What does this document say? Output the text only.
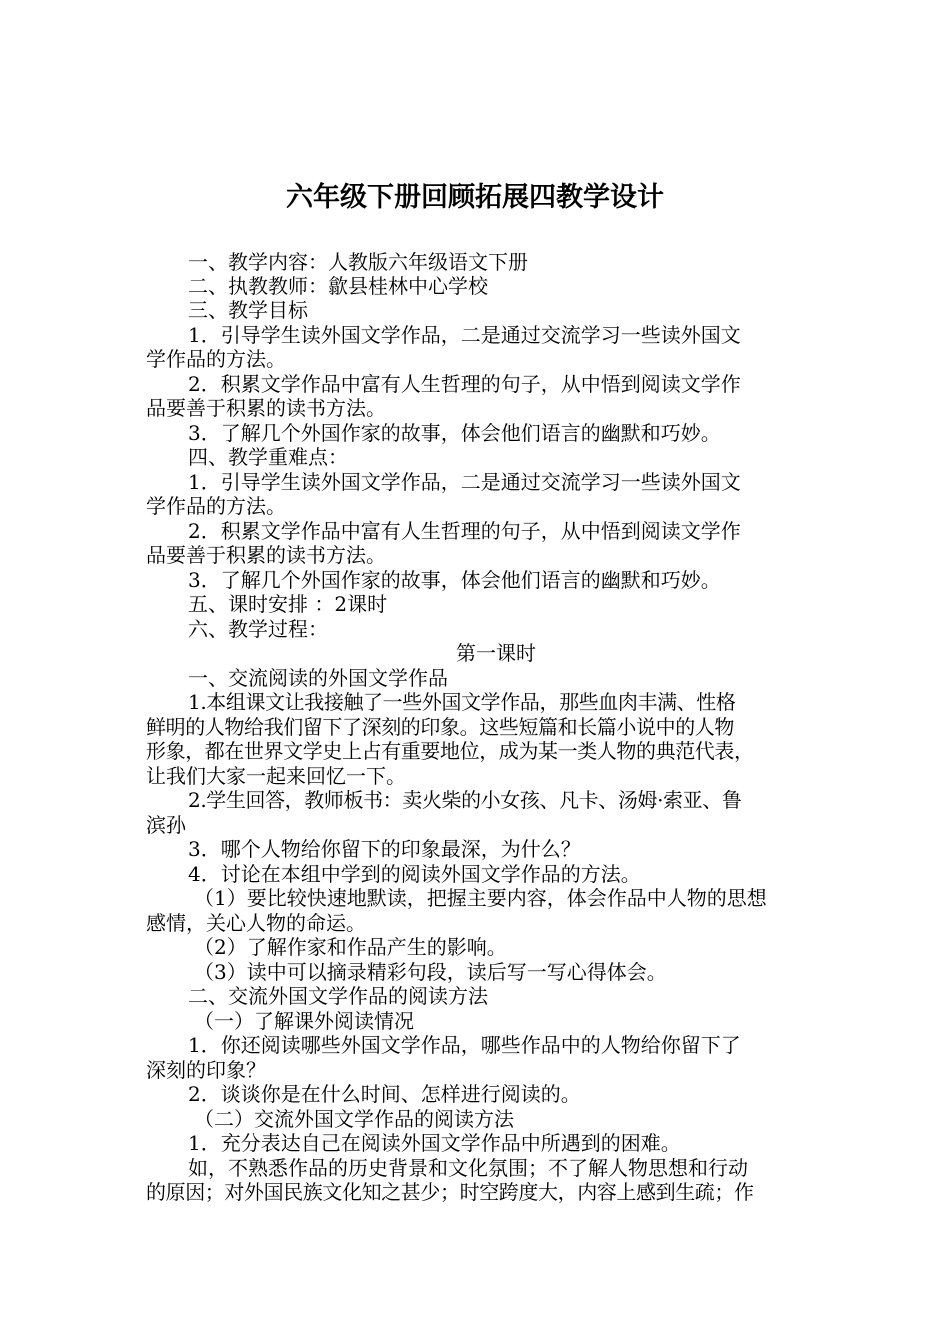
六年级下册回顾拓展四教学设计
一、教学内容：人教版六年级语文下册
二、执教教师：歙县桂林中心学校
三、教学目标
1．引导学生读外国文学作品，二是通过交流学习一些读外国文
学作品的方法。
2．积累文学作品中富有人生哲理的句子，从中悟到阅读文学作
品要善于积累的读书方法。
3．了解几个外国作家的故事，体会他们语言的幽默和巧妙。
四、教学重难点：
1．引导学生读外国文学作品，二是通过交流学习一些读外国文
学作品的方法。
2．积累文学作品中富有人生哲理的句子，从中悟到阅读文学作
品要善于积累的读书方法。
3．了解几个外国作家的故事，体会他们语言的幽默和巧妙。
五、课时安排 ：2课时
六、教学过程：
第一课时
一、交流阅读的外国文学作品
1.本组课文让我接触了一些外国文学作品，那些血肉丰满、性格
鲜明的人物给我们留下了深刻的印象。这些短篇和长篇小说中的人物
形象，都在世界文学史上占有重要地位，成为某一类人物的典范代表，
让我们大家一起来回忆一下。
2.学生回答，教师板书：卖火柴的小女孩、凡卡、汤姆·索亚、鲁
滨孙
3．哪个人物给你留下的印象最深，为什么？
4．讨论在本组中学到的阅读外国文学作品的方法。
（1）要比较快速地默读，把握主要内容，体会作品中人物的思想
感情，关心人物的命运。
（2）了解作家和作品产生的影响。
（3）读中可以摘录精彩句段，读后写一写心得体会。
二、交流外国文学作品的阅读方法
（一）了解课外阅读情况
1．你还阅读哪些外国文学作品，哪些作品中的人物给你留下了
深刻的印象？
2．谈谈你是在什么时间、怎样进行阅读的。
（二）交流外国文学作品的阅读方法
1．充分表达自己在阅读外国文学作品中所遇到的困难。
如，不熟悉作品的历史背景和文化氛围；不了解人物思想和行动
的原因；对外国民族文化知之甚少；时空跨度大，内容上感到生疏；作
